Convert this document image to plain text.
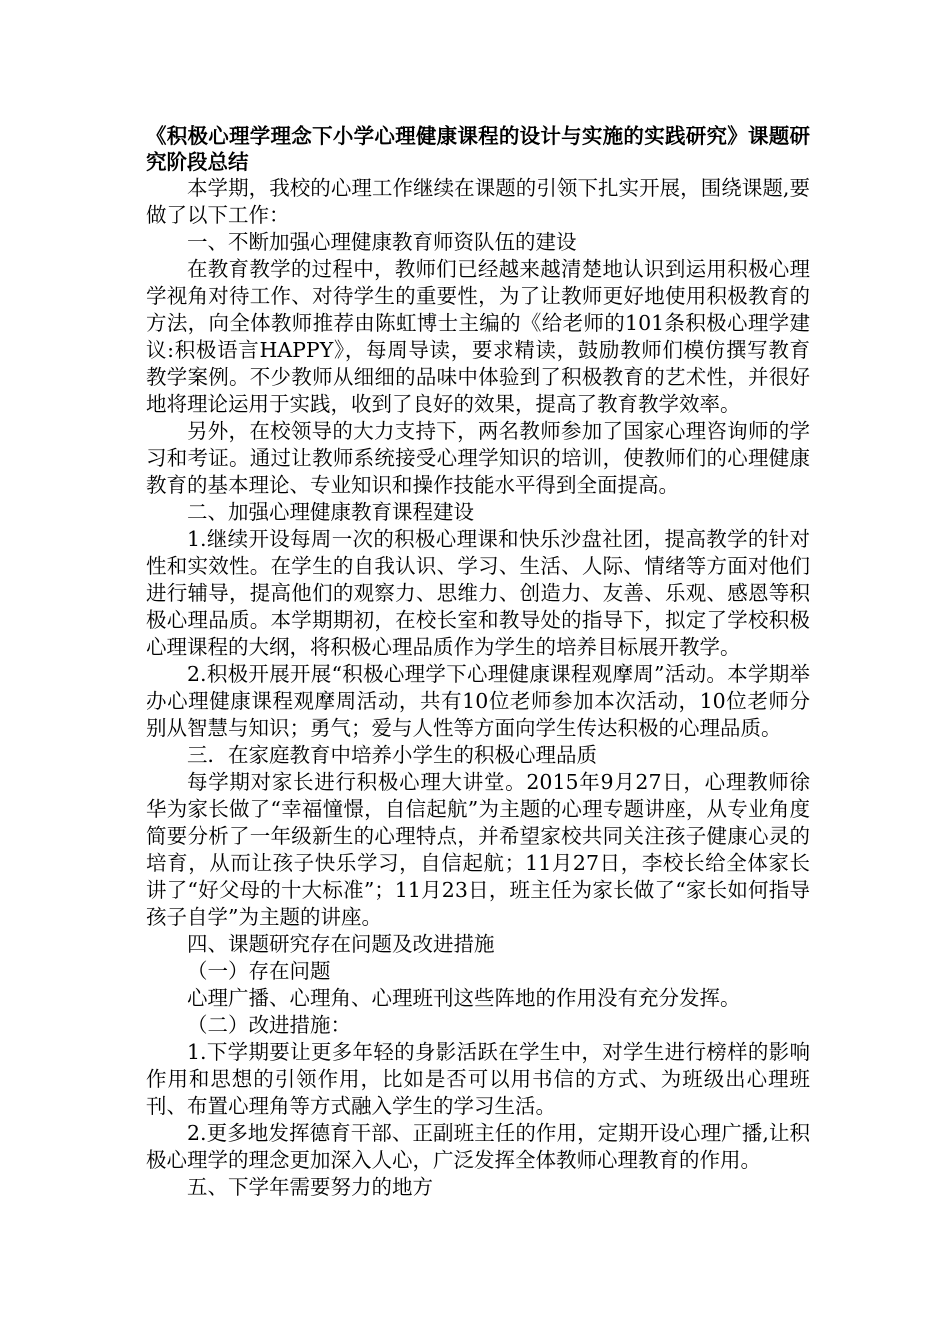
《积极心理学理念下小学心理健康课程的设计与实施的实践研究》课题研究阶段总结

本学期，我校的心理工作继续在课题的引领下扎实开展，围绕课题,要做了以下工作：

一、不断加强心理健康教育师资队伍的建设

在教育教学的过程中，教师们已经越来越清楚地认识到运用积极心理学视角对待工作、对待学生的重要性，为了让教师更好地使用积极教育的方法，向全体教师推荐由陈虹博士主编的《给老师的101条积极心理学建议:积极语言HAPPY》，每周导读，要求精读，鼓励教师们模仿撰写教育教学案例。不少教师从细细的品味中体验到了积极教育的艺术性，并很好地将理论运用于实践，收到了良好的效果，提高了教育教学效率。

另外，在校领导的大力支持下，两名教师参加了国家心理咨询师的学习和考证。通过让教师系统接受心理学知识的培训，使教师们的心理健康教育的基本理论、专业知识和操作技能水平得到全面提高。

二、加强心理健康教育课程建设

1.继续开设每周一次的积极心理课和快乐沙盘社团，提高教学的针对性和实效性。在学生的自我认识、学习、生活、人际、情绪等方面对他们进行辅导，提高他们的观察力、思维力、创造力、友善、乐观、感恩等积极心理品质。本学期期初，在校长室和教导处的指导下，拟定了学校积极心理课程的大纲，将积极心理品质作为学生的培养目标展开教学。

2.积极开展开展“积极心理学下心理健康课程观摩周”活动。本学期举办心理健康课程观摩周活动，共有10位老师参加本次活动，10位老师分别从智慧与知识；勇气；爱与人性等方面向学生传达积极的心理品质。

三．在家庭教育中培养小学生的积极心理品质

每学期对家长进行积极心理大讲堂。2015年9月27日，心理教师徐华为家长做了“幸福憧憬，自信起航”为主题的心理专题讲座，从专业角度简要分析了一年级新生的心理特点，并希望家校共同关注孩子健康心灵的培育，从而让孩子快乐学习，自信起航；11月27日，李校长给全体家长讲了“好父母的十大标准”；11月23日，班主任为家长做了“家长如何指导孩子自学”为主题的讲座。

四、课题研究存在问题及改进措施

（一）存在问题

心理广播、心理角、心理班刊这些阵地的作用没有充分发挥。

（二）改进措施：

1.下学期要让更多年轻的身影活跃在学生中，对学生进行榜样的影响作用和思想的引领作用，比如是否可以用书信的方式、为班级出心理班刊、布置心理角等方式融入学生的学习生活。

2.更多地发挥德育干部、正副班主任的作用，定期开设心理广播,让积极心理学的理念更加深入人心，广泛发挥全体教师心理教育的作用。

五、下学年需要努力的地方
